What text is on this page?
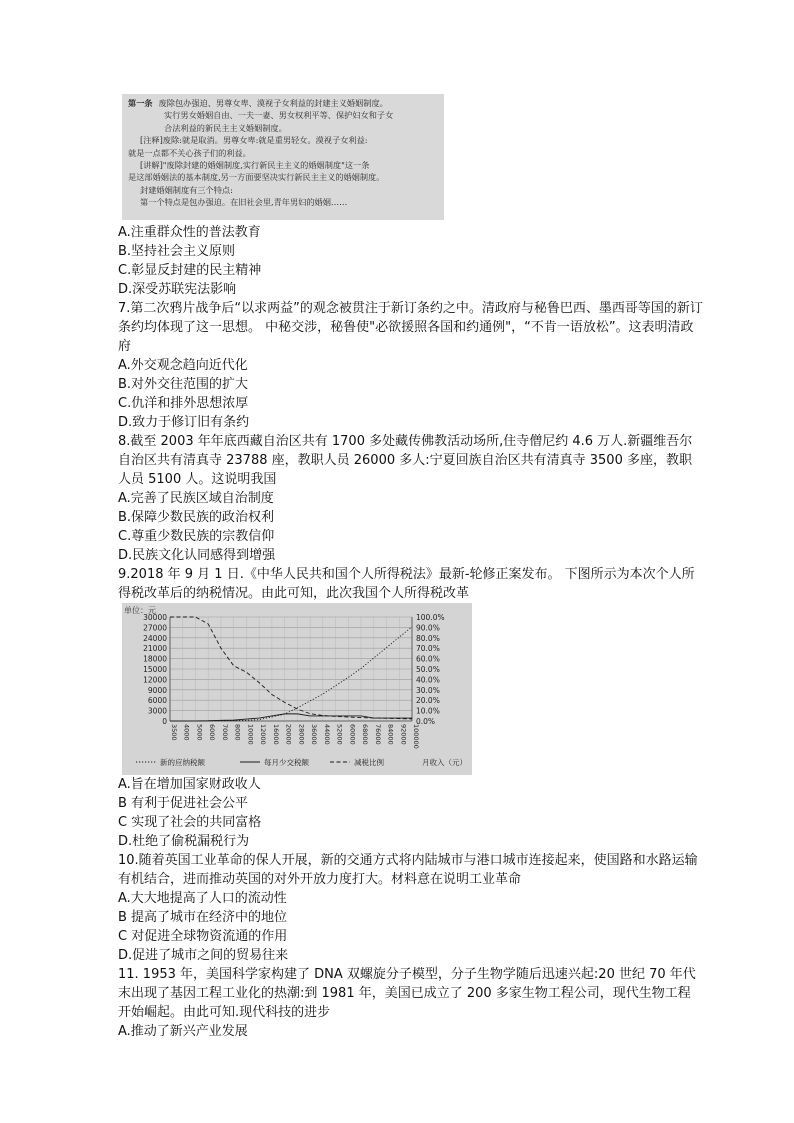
第一条 废除包办强迫、男尊女卑、漠视子女利益的封建主义婚姻制度。
实行男女婚姻自由、一夫一妻、男女权利平等、保护妇女和子女
合法利益的新民主主义婚姻制度。
[注释]废除:就是取消。男尊女卑:就是重男轻女。漠视子女利益:
就是一点都不关心孩子们的利益。
[讲解]"废除封建的婚姻制度,实行新民主主义的婚姻制度"这一条
是这部婚姻法的基本制度,另一方面要坚决实行新民主主义的婚姻制度。
封建婚姻制度有三个特点:
第一个特点是包办强迫。在旧社会里,青年男妇的婚姻……
A.注重群众性的普法教育
B.坚持社会主义原则
C.彰显反封建的民主精神
D.深受苏联宪法影响
7.第二次鸦片战争后“以求两益”的观念被贯注于新订条约之中。清政府与秘鲁巴西、墨西哥等国的新订条约均体现了这一思想。 中秘交涉，秘鲁使"必欲援照各国和约通例"，“不肯一语放松”。这表明清政府
A.外交观念趋向近代化
B.对外交往范围的扩大
C.仇洋和排外思想浓厚
D.致力于修订旧有条约
8.截至 2003 年年底西藏自治区共有 1700 多处藏传佛教活动场所,住寺僧尼约 4.6 万人.新疆维吾尔自治区共有清真寺 23788 座，教职人员 26000 多人:宁夏回族自治区共有清真寺 3500 多座，教职人员 5100 人。这说明我国
A.完善了民族区域自治制度
B.保障少数民族的政治权利
C.尊重少数民族的宗教信仰
D.民族文化认同感得到增强
9.2018 年 9 月 1 日.《中华人民共和国个人所得税法》最新-轮修正案发布。 下图所示为本次个人所得税改革后的纳税情况。由此可知，此次我国个人所得税改革
单位：元
30000
27000
24000
21000
18000
15000
12000
9000
6000
3000
0
100.0%
90.0%
80.0%
70.0%
60.0%
50.0%
40.0%
30.0%
20.0%
10.0%
0.0%
3500 4000 5000 6000 7000 8000 10000 12000 16000 20000 28000 36000 44000 52000 60000 68000 76000 84000 92000 100000
新的应纳税额	每月少交税额	减税比例	月收入（元）
A.旨在增加国家财政收人
B 有利于促进社会公平
C 实现了社会的共同富格
D.杜绝了偷税漏税行为
10.随着英国工业革命的保人开展，新的交通方式将内陆城市与港口城市连接起来，使国路和水路运输有机结合，进而推动英国的对外开放力度打大。材料意在说明工业革命
A.大大地提高了人口的流动性
B 提高了城市在经济中的地位
C 对促进全球物资流通的作用
D.促进了城市之间的贸易往来
11. 1953 年，美国科学家构建了 DNA 双螺旋分子模型，分子生物学随后迅速兴起:20 世纪 70 年代末出现了基因工程工业化的热潮:到 1981 年，美国已成立了 200 多家生物工程公司，现代生物工程开始崛起。由此可知.现代科技的进步
A.推动了新兴产业发展
